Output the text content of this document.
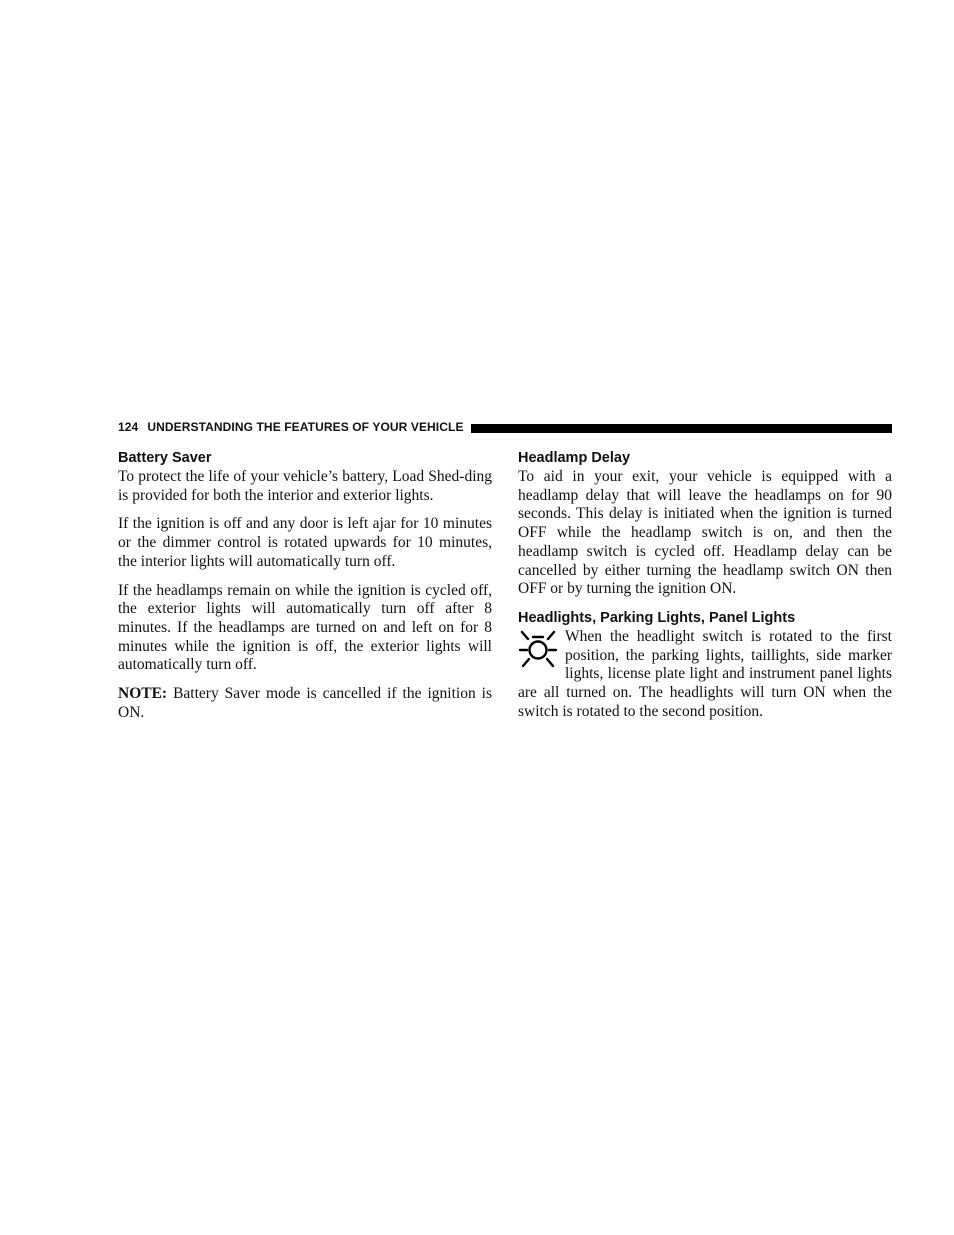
124 UNDERSTANDING THE FEATURES OF YOUR VEHICLE
Battery Saver

To protect the life of your vehicle’s battery, Load Shed-ding is provided for both the interior and exterior lights.

If the ignition is off and any door is left ajar for 10 minutes or the dimmer control is rotated upwards for 10 minutes, the interior lights will automatically turn off.

If the headlamps remain on while the ignition is cycled off, the exterior lights will automatically turn off after 8 minutes. If the headlamps are turned on and left on for 8 minutes while the ignition is off, the exterior lights will automatically turn off.

NOTE: Battery Saver mode is cancelled if the ignition is ON.

Headlamp Delay

To aid in your exit, your vehicle is equipped with a headlamp delay that will leave the headlamps on for 90 seconds. This delay is initiated when the ignition is turned OFF while the headlamp switch is on, and then the headlamp switch is cycled off. Headlamp delay can be cancelled by either turning the headlamp switch ON then OFF or by turning the ignition ON.

Headlights, Parking Lights, Panel Lights

When the headlight switch is rotated to the first position, the parking lights, taillights, side marker lights, license plate light and instrument panel lights are all turned on. The headlights will turn ON when the switch is rotated to the second position.
